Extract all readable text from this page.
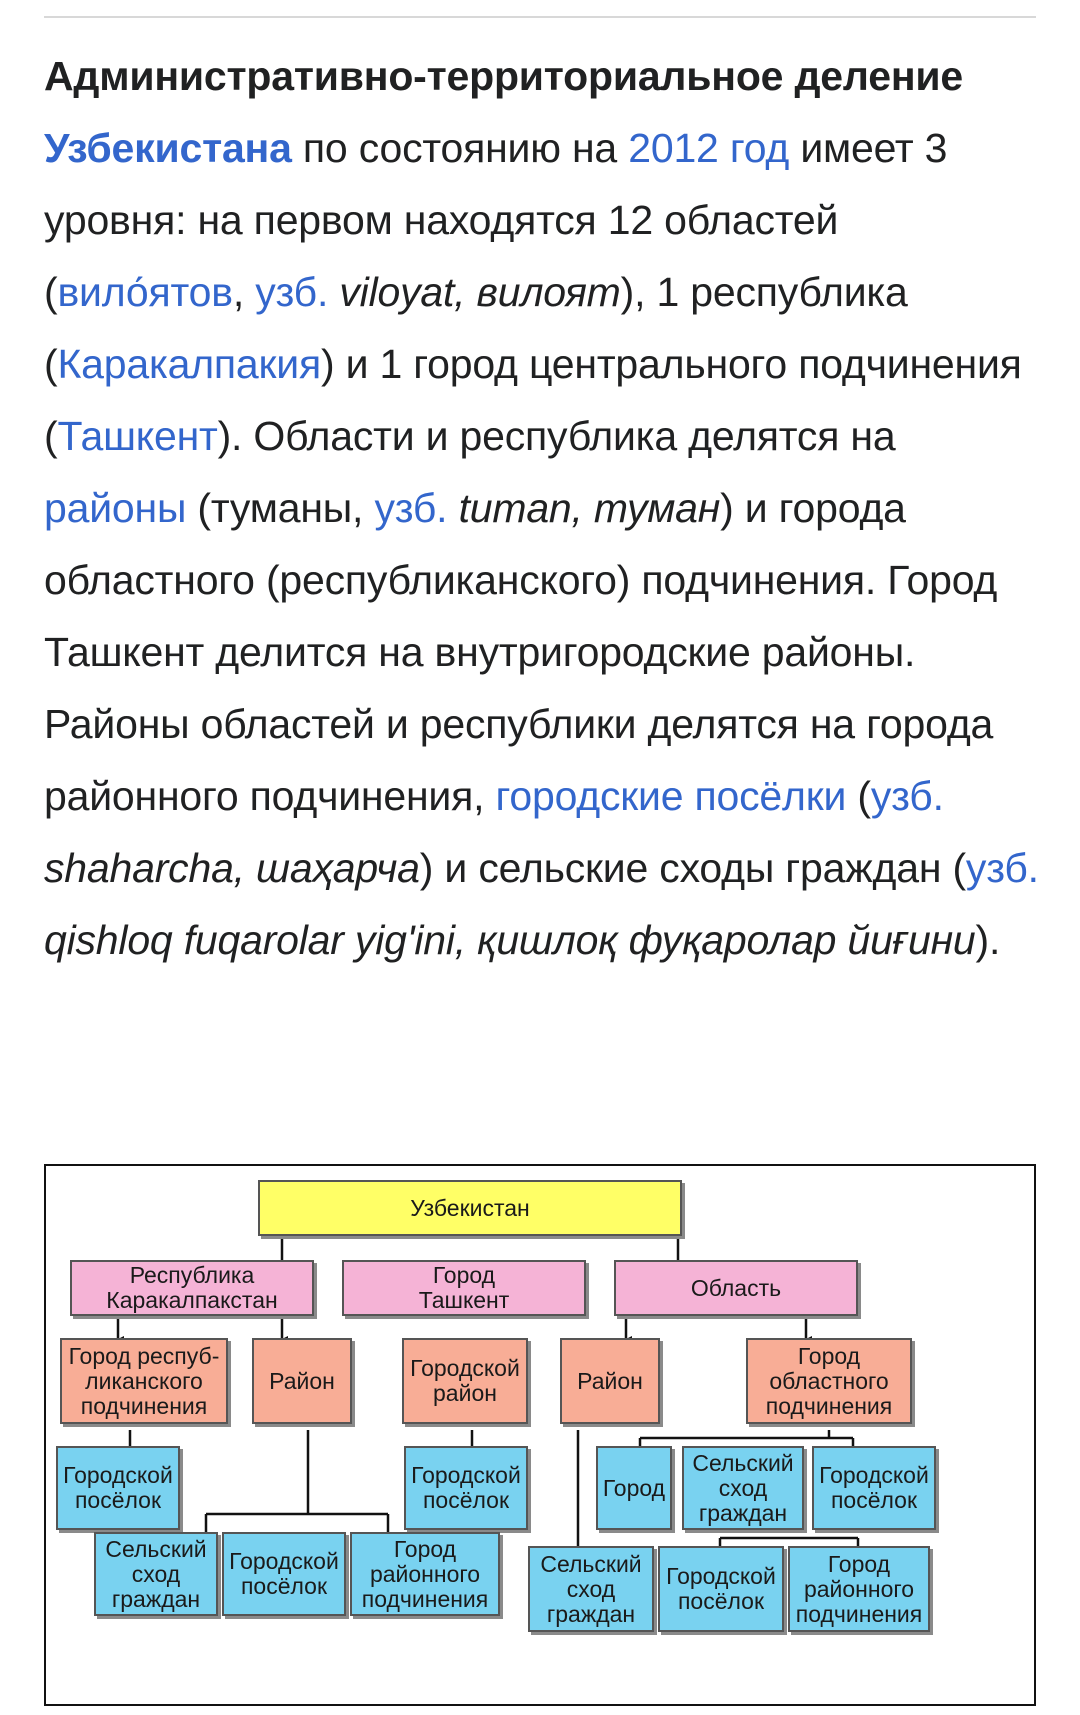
Административно-территориальное деление Узбекистана по состоянию на 2012 год имеет 3 уровня: на первом находятся 12 областей (вило́ятов, узб. viloyat, вилоят), 1 республика (Каракалпакия) и 1 город центрального подчинения (Ташкент). Области и республика делятся на районы (туманы, узб. tuman, туман) и города областного (республиканского) подчинения. Город Ташкент делится на внутригородские районы. Районы областей и республики делятся на города районного подчинения, городские посёлки (узб. shaharcha, шаҳарча) и сельские сходы граждан (узб. qishloq fuqarolar yig'ini, қишлоқ фуқаролар йиғини).

Узбекистан
Республика
Каракалпакстан
Город
Ташкент	Область
Город респуб-
ликанского
подчинения
Район	Городской
район	Район
Город
областного
подчинения
Городской
посёлок
Городской
посёлок	Город
Сельский
сход
граждан
Городской
посёлок
Сельский
сход
граждан
Городской
посёлок
Город
районного
подчинения
Сельский
сход
граждан
Городской
посёлок
Город
районного
подчинения
